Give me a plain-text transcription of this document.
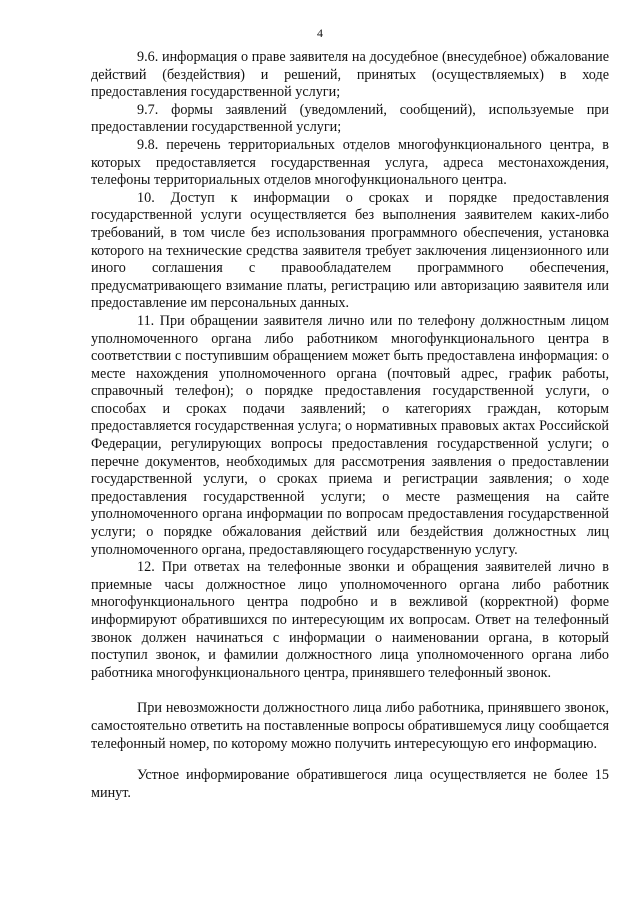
4

9.6. информация о праве заявителя на досудебное (внесудебное) обжалование действий (бездействия) и решений, принятых (осуществляемых) в ходе предоставления государственной услуги;

9.7. формы заявлений (уведомлений, сообщений), используемые при предоставлении государственной услуги;

9.8. перечень территориальных отделов многофункционального центра, в которых предоставляется государственная услуга, адреса местонахождения, телефоны территориальных отделов многофункционального центра.

10. Доступ к информации о сроках и порядке предоставления государственной услуги осуществляется без выполнения заявителем каких-либо требований, в том числе без использования программного обеспечения, установка которого на технические средства заявителя требует заключения лицензионного или иного соглашения с правообладателем программного обеспечения, предусматривающего взимание платы, регистрацию или авторизацию заявителя или предоставление им персональных данных.

11. При обращении заявителя лично или по телефону должностным лицом уполномоченного органа либо работником многофункционального центра в соответствии с поступившим обращением может быть предоставлена информация: о месте нахождения уполномоченного органа (почтовый адрес, график работы, справочный телефон); о порядке предоставления государственной услуги, о способах и сроках подачи заявлений; о категориях граждан, которым предоставляется государственная услуга; о нормативных правовых актах Российской Федерации, регулирующих вопросы предоставления государственной услуги; о перечне документов, необходимых для рассмотрения заявления о предоставлении государственной услуги, о сроках приема и регистрации заявления; о ходе предоставления государственной услуги; о месте размещения на сайте уполномоченного органа информации по вопросам предоставления государственной услуги; о порядке обжалования действий или бездействия должностных лиц уполномоченного органа, предоставляющего государственную услугу.

12. При ответах на телефонные звонки и обращения заявителей лично в приемные часы должностное лицо уполномоченного органа либо работник многофункционального центра подробно и в вежливой (корректной) форме информируют обратившихся по интересующим их вопросам. Ответ на телефонный звонок должен начинаться с информации о наименовании органа, в который поступил звонок, и фамилии должностного лица уполномоченного органа либо работника многофункционального центра, принявшего телефонный звонок.

При невозможности должностного лица либо работника, принявшего звонок, самостоятельно ответить на поставленные вопросы обратившемуся лицу сообщается телефонный номер, по которому можно получить интересующую его информацию.

Устное информирование обратившегося лица осуществляется не более 15 минут.
